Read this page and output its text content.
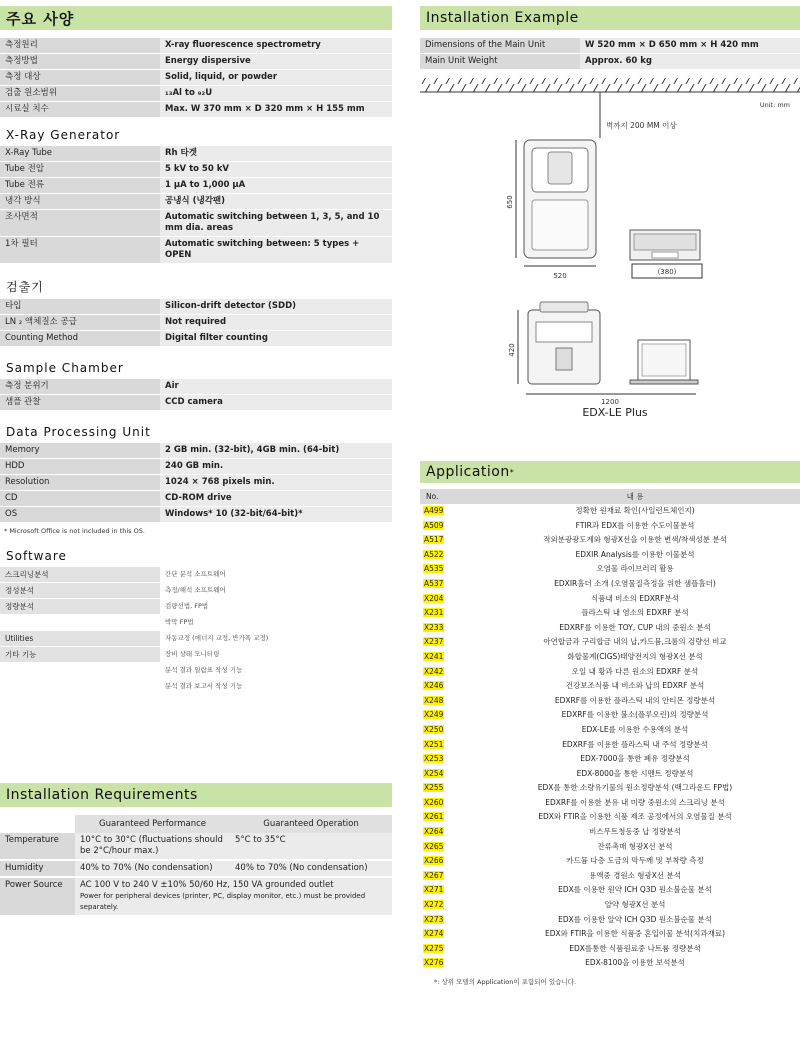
주요 사양
측정원리	X-ray fluorescence spectrometry
측정방법	Energy dispersive
측정 대상	Solid, liquid, or powder
검출 원소범위	₁₃Al to ₉₂U
시료실 치수	Max. W 370 mm × D 320 mm × H 155 mm
X-Ray Generator
X-Ray Tube	Rh 타겟
Tube 전압	5 kV to 50 kV
Tube 전류	1 μA to 1,000 μA
냉각 방식	공냉식 (냉각팬)
조사면적	Automatic switching between 1, 3, 5, and 10 mm dia. areas
1차 필터	Automatic switching between: 5 types + OPEN
검출기
타입	Silicon-drift detector (SDD)
LN ₂ 액체질소 공급	Not required
Counting Method	Digital filter counting
Sample Chamber
측정 분위기	Air
샘플 관찰	CCD camera
Data Processing Unit
Memory	2 GB min. (32-bit), 4GB min. (64-bit)
HDD	240 GB min.
Resolution	1024 × 768 pixels min.
CD	CD-ROM drive
OS	Windows* 10 (32-bit/64-bit)*
* Microsoft Office is not included in this OS.
Software
스크리닝분석	간단 분석 소프트웨어
정성분석	측정/해석 소프트웨어
정량분석	검량선법, FP법
	박막 FP법
Utilities	자동교정 (에너지 교정, 반가폭 교정)
기타 기능	장비 상태 모니터링
	분석 결과 일람표 작성 기능
	분석 결과 보고서 작성 기능
Installation Requirements
	Guaranteed Performance	Guaranteed Operation
Temperature	10°C to 30°C (fluctuations should be 2°C/hour max.)	5°C to 35°C
Humidity	40% to 70% (No condensation)	40% to 70% (No condensation)
Power Source	AC 100 V to 240 V ±10% 50/60 Hz, 150 VA grounded outlet
Power for peripheral devices (printer, PC, display monitor, etc.) must be provided separately.	
Installation Example
Dimensions of the Main Unit	W 520 mm × D 650 mm × H 420 mm
Main Unit Weight	Approx. 60 kg
벽까지 200 MM 이상
Unit: mm
650
520	(380)
420
1200
EDX-LE Plus
Application *
No.	내 용
A499	정확한 원재료 확인(사일런트체인지)
A509	FTIR과 EDX를 이용한 수도이물분석
A517	적외분광광도계와 형광X선을 이용한 변색/착색성분 분석
A522	EDXIR Analysis를 이용한 이물분석
A535	오염물 라이브러리 활용
A537	EDXIR홀더 소개 (오염물질측정을 위한 샘플홀더)
X204	식품내 비소의 EDXRF분석
X231	플라스틱 내 염소의 EDXRF 분석
X233	EDXRF를 이용한 TOY, CUP 내의 중원소 분석
X237	아연합금과 구리합금 내의 납,카드뮴,크롬의 검량선 비교
X241	화합물계(CIGS)태양전지의 형광X선 분석
X242	오일 내 황과 다른 원소의 EDXRF 분석
X246	건강보조식품 내 비소와 납의 EDXRF 분석
X248	EDXRF를 이용한 플라스틱 내의 안티몬 정량분석
X249	EDXRF를 이용한 불소(플루오린)의 정량분석
X250	EDX-LE를 이용한 수용액의 분석
X251	EDXRF를 이용한 플라스틱 내 주석 정량분석
X253	EDX-7000을 통한 폐유 정량분석
X254	EDX-8000을 통한 시멘트 정량분석
X255	EDX를 통한 소량유기물의 원소정량분석 (백그라운드 FP법)
X260	EDXRF를 이용한 분유 내 미량 중원소의 스크리닝 분석
X261	EDX와 FTIR을 이용한 식품 제조 공정에서의 오염물질 분석
X264	비스무트청동중 납 정량분석
X265	잔류촉매 형광X선 분석
X266	카드뮴 다층 도금의 막두께 및 부착량 측정
X267	용액중 경원소 형광X선 분석
X271	EDX를 이용한 원약 ICH Q3D 원소불순물 분석
X272	알약 형광X선 분석
X273	EDX를 이용한 알약 ICH Q3D 원소불순물 분석
X274	EDX와 FTIR을 이용한 식품중 혼입이물 분석(치과재료)
X275	EDX를통한 식품원료중 나트륨 정량분석
X276	EDX-8100을 이용한 보석분석
*: 상위 모델의 Application이 포함되어 있습니다.
